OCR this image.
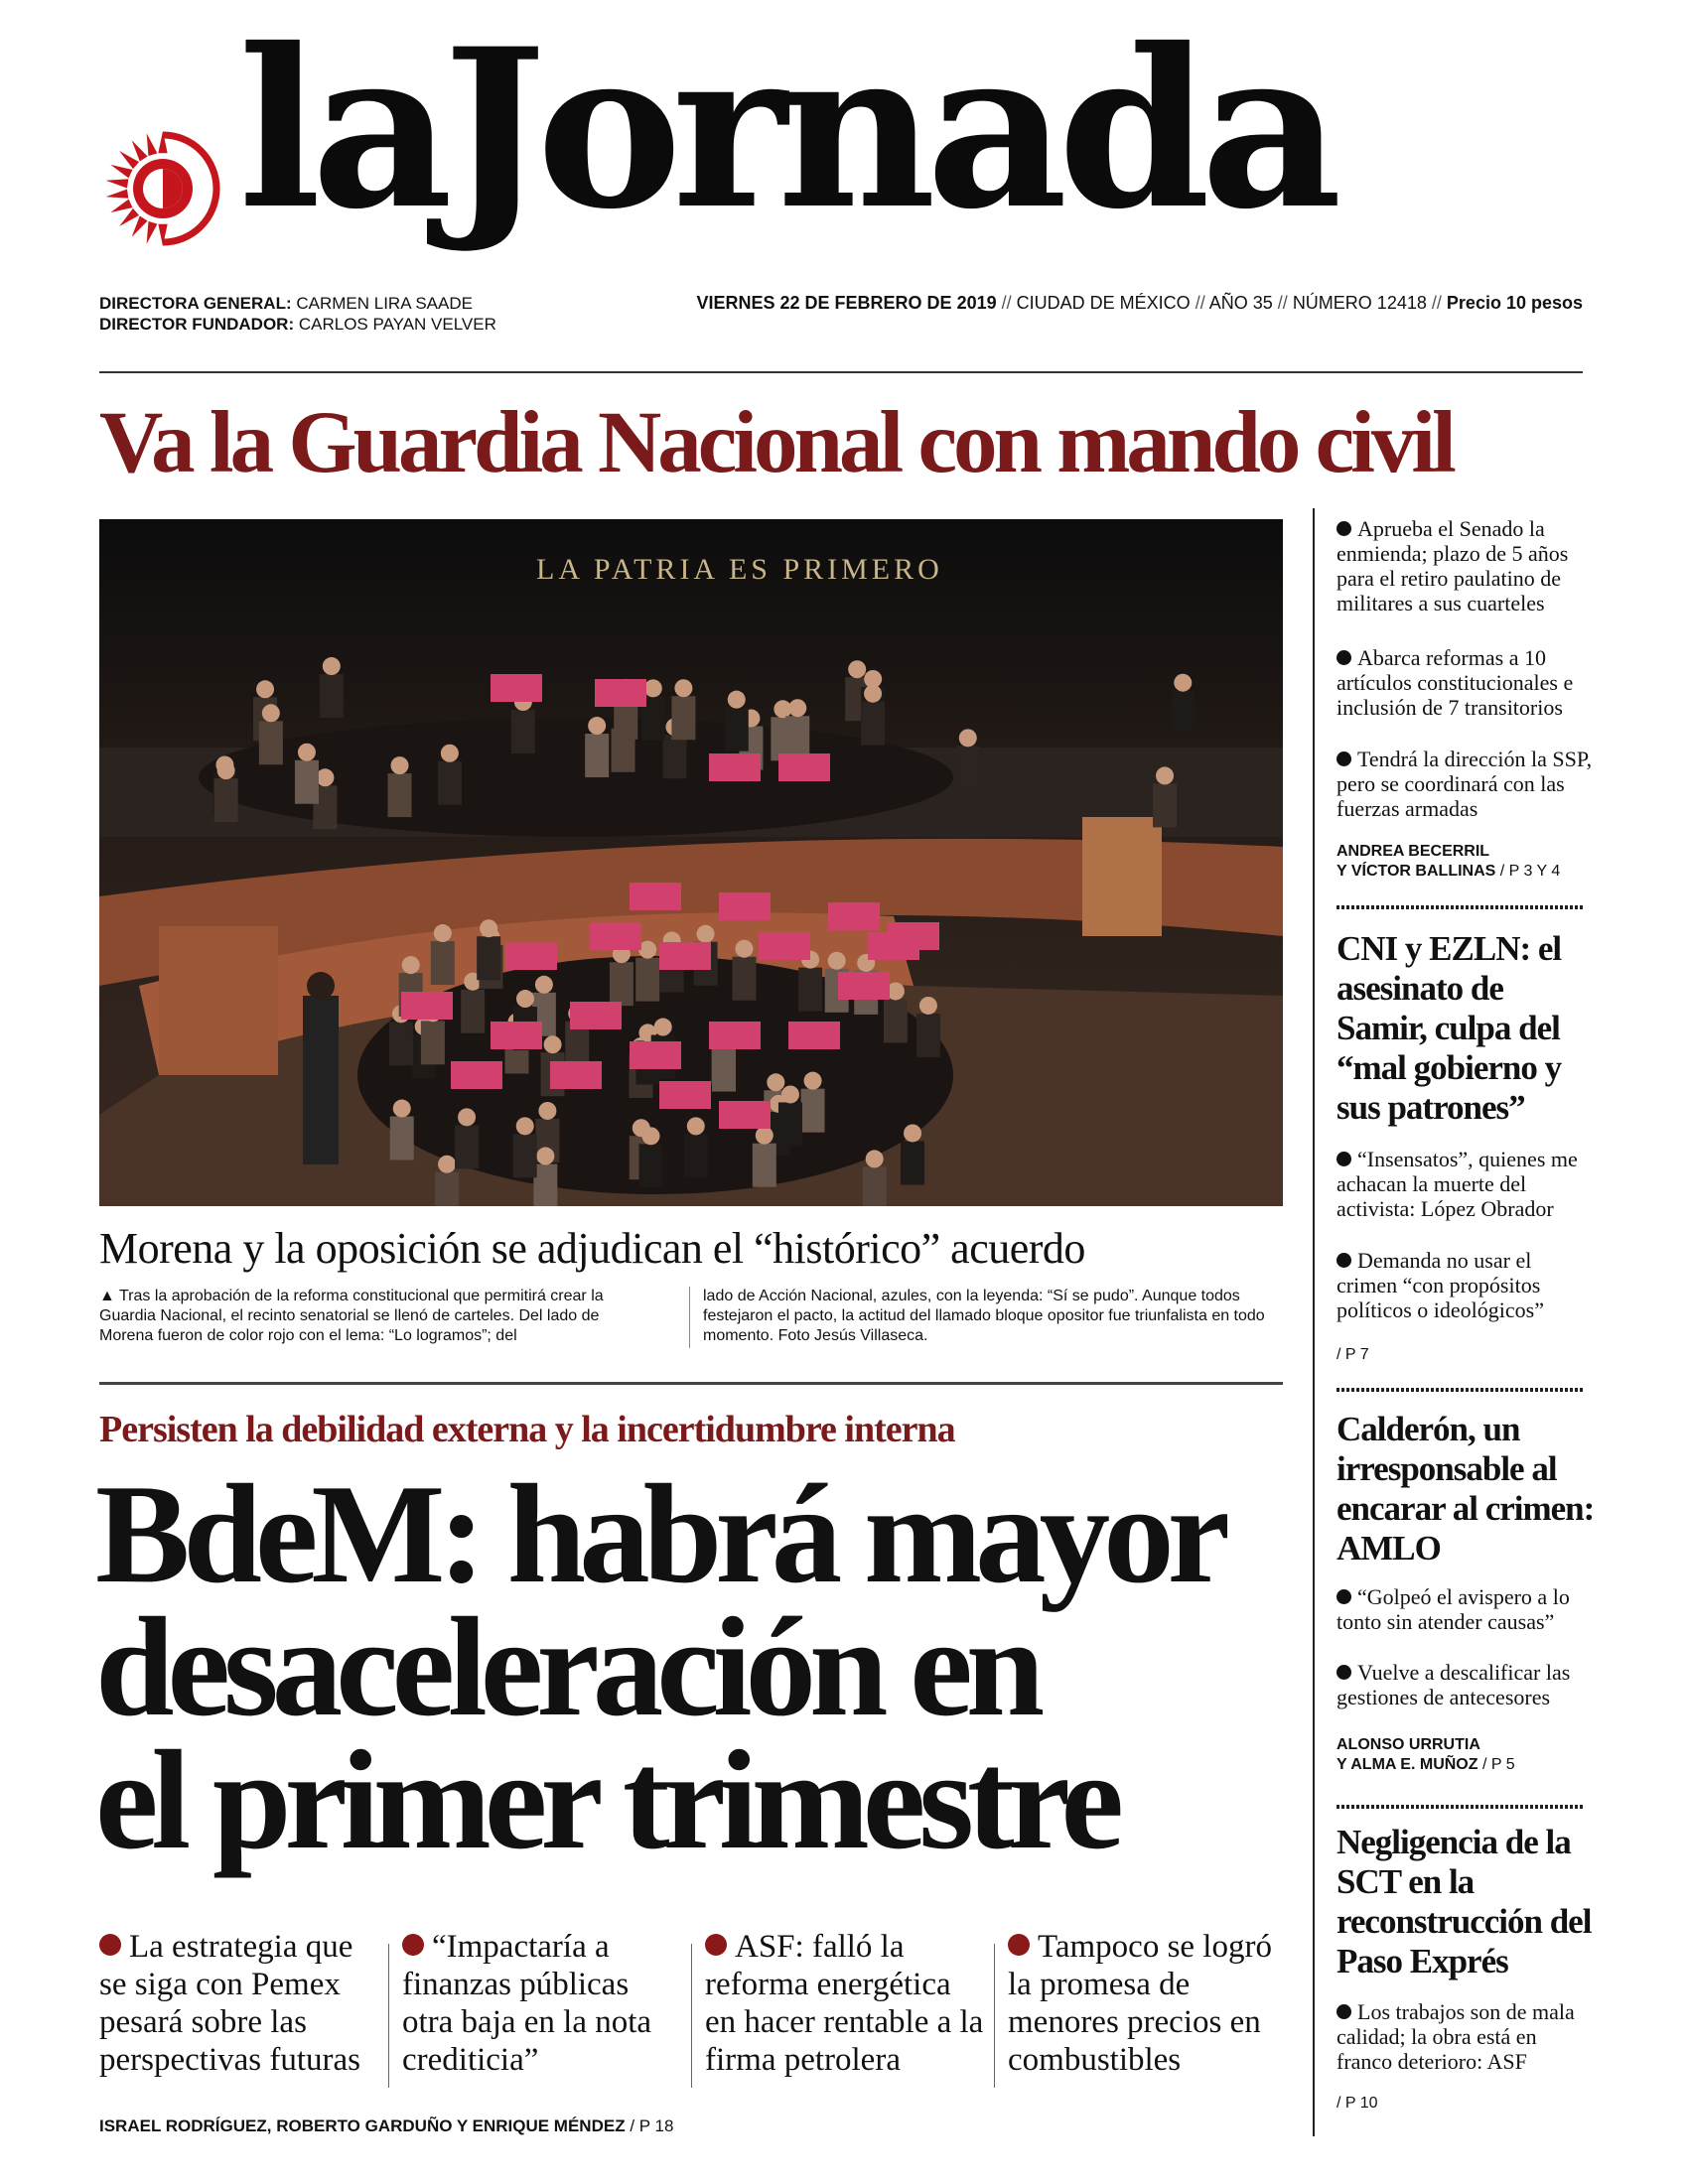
laJornada
DIRECTORA GENERAL: CARMEN LIRA SAADE
DIRECTOR FUNDADOR: CARLOS PAYAN VELVER
VIERNES 22 DE FEBRERO DE 2019 // CIUDAD DE MÉXICO // AÑO 35 // NÚMERO 12418 // Precio 10 pesos
Va la Guardia Nacional con mando civil
LA PATRIA ES PRIMERO
Morena y la oposición se adjudican el “histórico” acuerdo
▲ Tras la aprobación de la reforma constitucional que permitirá crear la Guardia Nacional, el recinto senatorial se llenó de carteles. Del lado de Morena fueron de color rojo con el lema: “Lo logramos”; del
lado de Acción Nacional, azules, con la leyenda: “Sí se pudo”. Aunque todos festejaron el pacto, la actitud del llamado bloque opositor fue triunfalista en todo momento. Foto Jesús Villaseca.
Persisten la debilidad externa y la incertidumbre interna
BdeM: habrá mayor
desaceleración en
el primer trimestre
La estrategia que se siga con Pemex pesará sobre las perspectivas futuras
“Impactaría a finanzas públicas otra baja en la nota crediticia”
ASF: falló la reforma energética en hacer rentable a la firma petrolera
Tampoco se logró la promesa de menores precios en combustibles
ISRAEL RODRÍGUEZ, ROBERTO GARDUÑO Y ENRIQUE MÉNDEZ / P 18
Aprueba el Senado la enmienda; plazo de 5 años para el retiro paulatino de militares a sus cuarteles
Abarca reformas a 10 artículos constitucionales e inclusión de 7 transitorios
Tendrá la dirección la SSP, pero se coordinará con las fuerzas armadas
ANDREA BECERRIL
Y VÍCTOR BALLINAS / P 3 Y 4
CNI y EZLN: el asesinato de Samir, culpa del “mal gobierno y sus patrones”
“Insensatos”, quienes me achacan la muerte del activista: López Obrador
Demanda no usar el crimen “con propósitos políticos o ideológicos”
/ P 7
Calderón, un irresponsable al encarar al crimen: AMLO
“Golpeó el avispero a lo tonto sin atender causas”
Vuelve a descalificar las gestiones de antecesores
ALONSO URRUTIA
Y ALMA E. MUÑOZ / P 5
Negligencia de la SCT en la reconstrucción del Paso Exprés
Los trabajos son de mala calidad; la obra está en franco deterioro: ASF
/ P 10
